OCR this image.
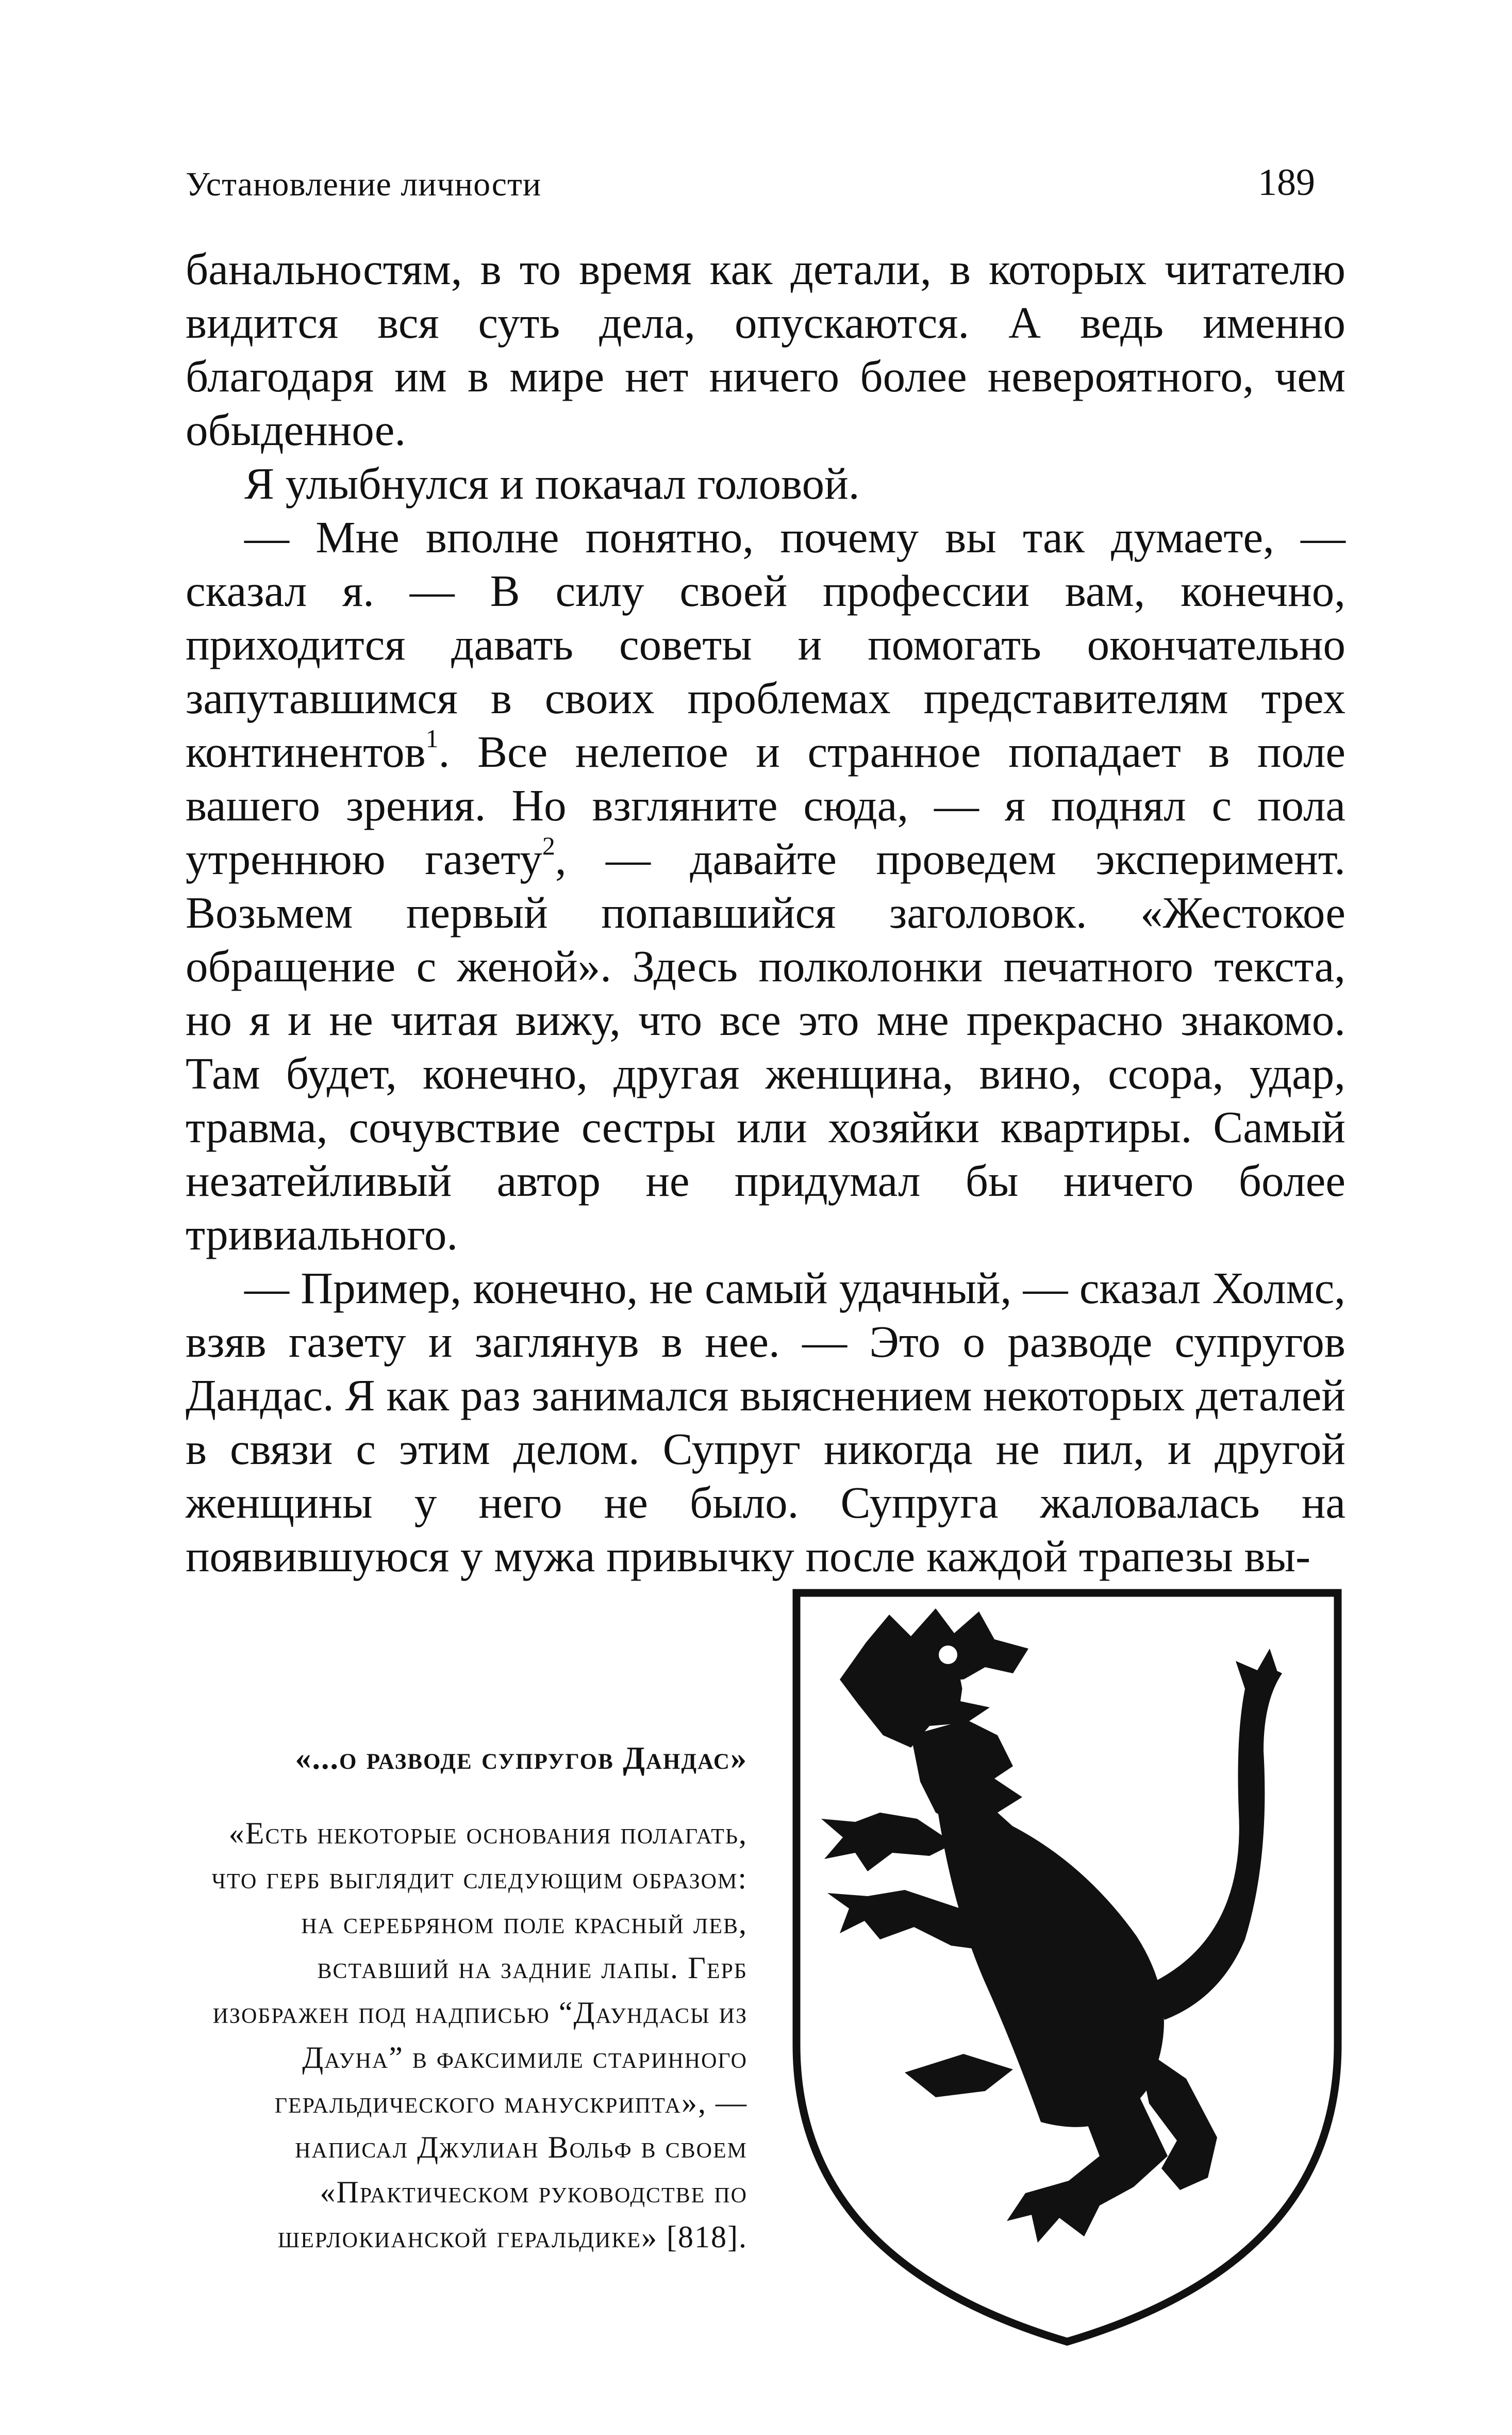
Установление личности	189

банальностям, в то время как детали, в которых читателю видится вся суть дела, опускаются. А ведь именно благодаря им в мире нет ничего более невероятного, чем обыденное.

Я улыбнулся и покачал головой.

— Мне вполне понятно, почему вы так думаете, — сказал я. — В силу своей профессии вам, конечно, приходится давать советы и помогать окончательно запутавшимся в своих проблемах представителям трех континентов$^1$. Все нелепое и странное попадает в поле вашего зрения. Но взгляните сюда, — я поднял с пола утреннюю газету$^2$, — давайте проведем эксперимент. Возьмем первый попавшийся заголовок. «Жестокое обращение с женой». Здесь полколонки печатного текста, но я и не читая вижу, что все это мне прекрасно знакомо. Там будет, конечно, другая женщина, вино, ссора, удар, травма, сочувствие сестры или хозяйки квартиры. Самый незатейливый автор не придумал бы ничего более тривиального.

— Пример, конечно, не самый удачный, — сказал Холмс, взяв газету и заглянув в нее. — Это о разводе супругов Дандас. Я как раз занимался выяснением некоторых деталей в связи с этим делом. Супруг никогда не пил, и другой женщины у него не было. Супруга жаловалась на появившуюся у мужа привычку после каждой трапезы вы-

«...о разводе супругов Дандас»

«Есть некоторые основания полагать, что герб выглядит следующим образом: на серебряном поле красный лев, вставший на задние лапы. Герб изображен под надписью “Даундасы из Дауна” в факсимиле старинного геральдического манускрипта», — написал Джулиан Вольф в своем «Практическом руководстве по шерлокианской геральдике» [818].
